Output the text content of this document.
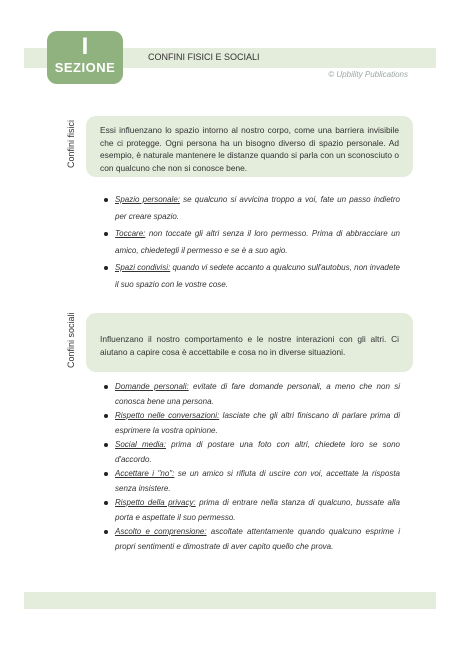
I
SEZIONE
CONFINI FISICI E SOCIALI
© Upbility Publications
Confini fisici	Essi influenzano lo spazio intorno al nostro corpo, come una barriera invisibile che ci protegge. Ogni persona ha un bisogno diverso di spazio personale. Ad esempio, è naturale mantenere le distanze quando si parla con un sconosciuto o con qualcuno che non si conosce bene.
Spazio personale: se qualcuno si avvicina troppo a voi, fate un passo indietro per creare spazio.
Toccare: non toccate gli altri senza il loro permesso. Prima di abbracciare un amico, chiedetegli il permesso e se è a suo agio.
Spazi condivisi: quando vi sedete accanto a qualcuno sull'autobus, non invadete il suo spazio con le vostre cose.
Confini sociali	Influenzano il nostro comportamento e le nostre interazioni con gli altri. Ci aiutano a capire cosa è accettabile e cosa no in diverse situazioni.
Domande personali: evitate di fare domande personali, a meno che non si conosca bene una persona.
Rispetto nelle conversazioni: lasciate che gli altri finiscano di parlare prima di esprimere la vostra opinione.
Social media: prima di postare una foto con altri, chiedete loro se sono d'accordo.
Accettare i "no": se un amico si rifiuta di uscire con voi, accettate la risposta senza insistere.
Rispetto della privacy: prima di entrare nella stanza di qualcuno, bussate alla porta e aspettate il suo permesso.
Ascolto e comprensione: ascoltate attentamente quando qualcuno esprime i propri sentimenti e dimostrate di aver capito quello che prova.
